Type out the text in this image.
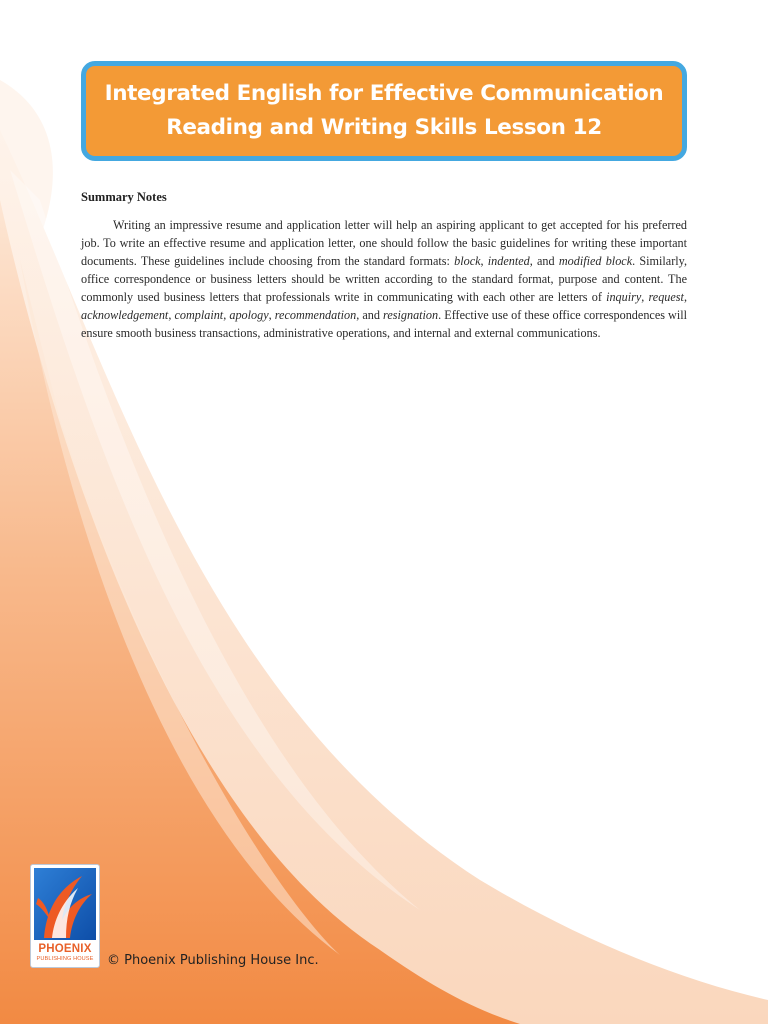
Integrated English for Effective Communication
Reading and Writing Skills Lesson 12
Summary Notes

Writing an impressive resume and application letter will help an aspiring applicant to get accepted for his preferred job. To write an effective resume and application letter, one should follow the basic guidelines for writing these important documents. These guidelines include choosing from the standard formats: block, indented, and modified block. Similarly, office correspondence or business letters should be written according to the standard format, purpose and content. The commonly used business letters that professionals write in communicating with each other are letters of inquiry, request, acknowledgement, complaint, apology, recommendation, and resignation. Effective use of these office correspondences will ensure smooth business transactions, administrative operations, and internal and external communications.

PHOENIX
PUBLISHING HOUSE	© Phoenix Publishing House Inc.
